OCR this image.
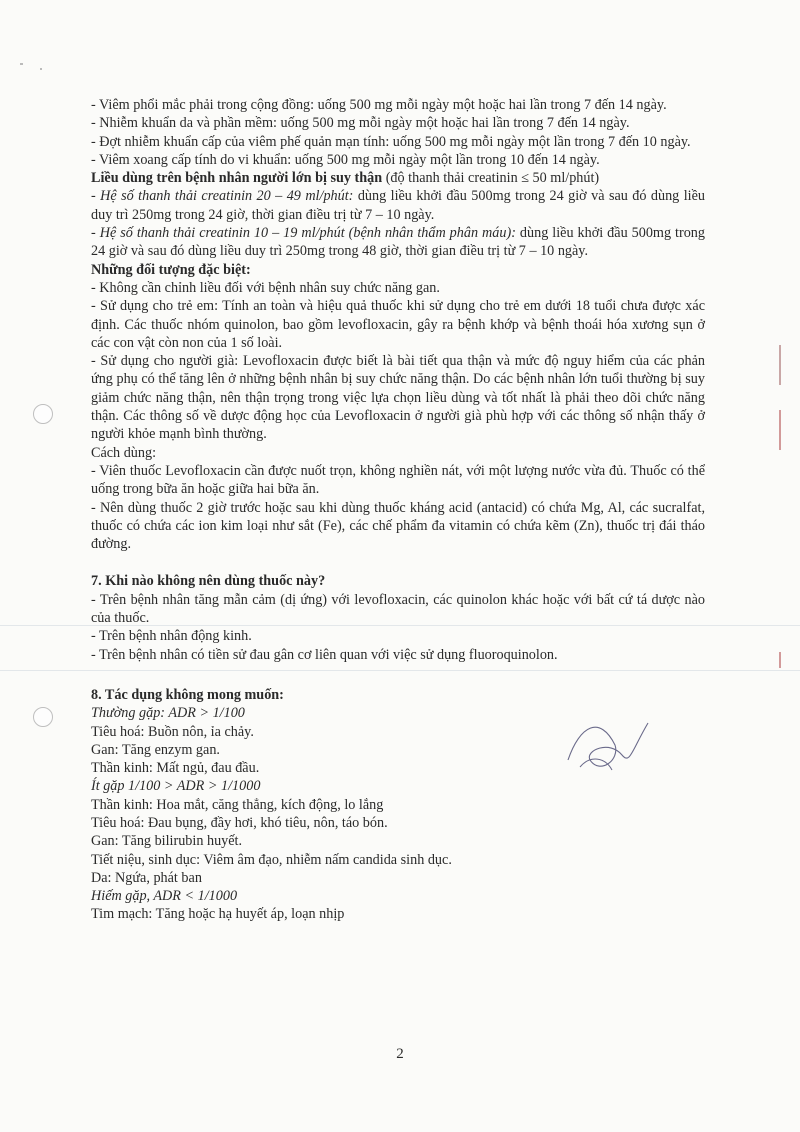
- Viêm phổi mắc phải trong cộng đồng: uống 500 mg mỗi ngày một hoặc hai lần trong 7 đến 14 ngày.

- Nhiễm khuẩn da và phần mềm: uống 500 mg mỗi ngày một hoặc hai lần trong 7 đến 14 ngày.

- Đợt nhiễm khuẩn cấp của viêm phế quản mạn tính: uống 500 mg mỗi ngày một lần trong 7 đến 10 ngày.

- Viêm xoang cấp tính do vi khuẩn: uống 500 mg mỗi ngày một lần trong 10 đến 14 ngày.

Liều dùng trên bệnh nhân người lớn bị suy thận (độ thanh thải creatinin ≤ 50 ml/phút)

- Hệ số thanh thải creatinin 20 – 49 ml/phút: dùng liều khởi đầu 500mg trong 24 giờ và sau đó dùng liều duy trì 250mg trong 24 giờ, thời gian điều trị từ 7 – 10 ngày.

- Hệ số thanh thải creatinin 10 – 19 ml/phút (bệnh nhân thẩm phân máu): dùng liều khởi đầu 500mg trong 24 giờ và sau đó dùng liều duy trì 250mg trong 48 giờ, thời gian điều trị từ 7 – 10 ngày.

Những đối tượng đặc biệt:

- Không cần chỉnh liều đối với bệnh nhân suy chức năng gan.

- Sử dụng cho trẻ em: Tính an toàn và hiệu quả thuốc khi sử dụng cho trẻ em dưới 18 tuổi chưa được xác định. Các thuốc nhóm quinolon, bao gồm levofloxacin, gây ra bệnh khớp và bệnh thoái hóa xương sụn ở các con vật còn non của 1 số loài.

- Sử dụng cho người già: Levofloxacin được biết là bài tiết qua thận và mức độ nguy hiểm của các phản ứng phụ có thể tăng lên ở những bệnh nhân bị suy chức năng thận. Do các bệnh nhân lớn tuổi thường bị suy giảm chức năng thận, nên thận trọng trong việc lựa chọn liều dùng và tốt nhất là phải theo dõi chức năng thận. Các thông số về dược động học của Levofloxacin ở người già phù hợp với các thông số nhận thấy ở người khỏe mạnh bình thường.

Cách dùng:

- Viên thuốc Levofloxacin cần được nuốt trọn, không nghiền nát, với một lượng nước vừa đủ. Thuốc có thể uống trong bữa ăn hoặc giữa hai bữa ăn.

- Nên dùng thuốc 2 giờ trước hoặc sau khi dùng thuốc kháng acid (antacid) có chứa Mg, Al, các sucralfat, thuốc có chứa các ion kim loại như sắt (Fe), các chế phẩm đa vitamin có chứa kẽm (Zn), thuốc trị đái tháo đường.

7. Khi nào không nên dùng thuốc này?

- Trên bệnh nhân tăng mẫn cảm (dị ứng) với levofloxacin, các quinolon khác hoặc với bất cứ tá dược nào của thuốc.

- Trên bệnh nhân động kinh.

- Trên bệnh nhân có tiền sử đau gân cơ liên quan với việc sử dụng fluoroquinolon.

8. Tác dụng không mong muốn:

Thường gặp: ADR > 1/100

Tiêu hoá: Buồn nôn, ỉa chảy.

Gan: Tăng enzym gan.

Thần kinh: Mất ngủ, đau đầu.

Ít gặp 1/100 > ADR > 1/1000

Thần kinh: Hoa mắt, căng thẳng, kích động, lo lắng

Tiêu hoá: Đau bụng, đầy hơi, khó tiêu, nôn, táo bón.

Gan: Tăng bilirubin huyết.

Tiết niệu, sinh dục: Viêm âm đạo, nhiễm nấm candida sinh dục.

Da: Ngứa, phát ban

Hiếm gặp, ADR < 1/1000

Tim mạch: Tăng hoặc hạ huyết áp, loạn nhịp

2
